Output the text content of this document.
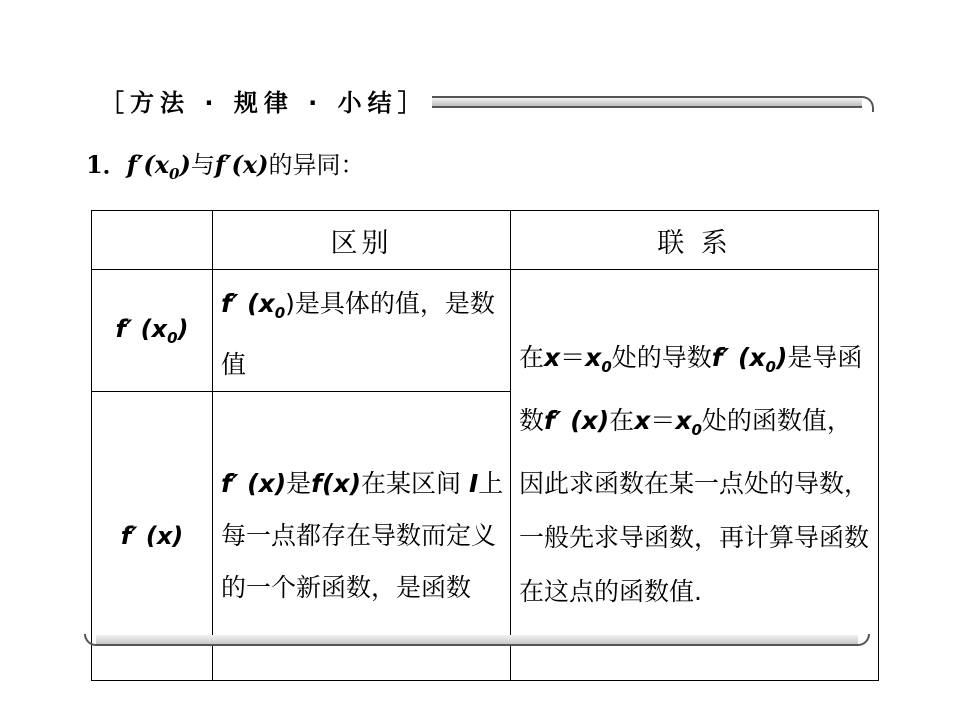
［方法 · 规律 · 小结］
1．$f'(x_0)$与f′(x)的异同：
	区别	联 系
f′ $(x_0)$	f′ $(x_0)$是具体的值，是数值	在$x=x_0$处的导数f′ $(x_0)$是导函数f′ (x)在$x=x_0$处的函数值，因此求函数在某一点处的导数，一般先求导函数，再计算导函数在这点的函数值.
f′ (x)	f′ (x)是f(x)在某区间 I上每一点都存在导数而定义的一个新函数，是函数	
